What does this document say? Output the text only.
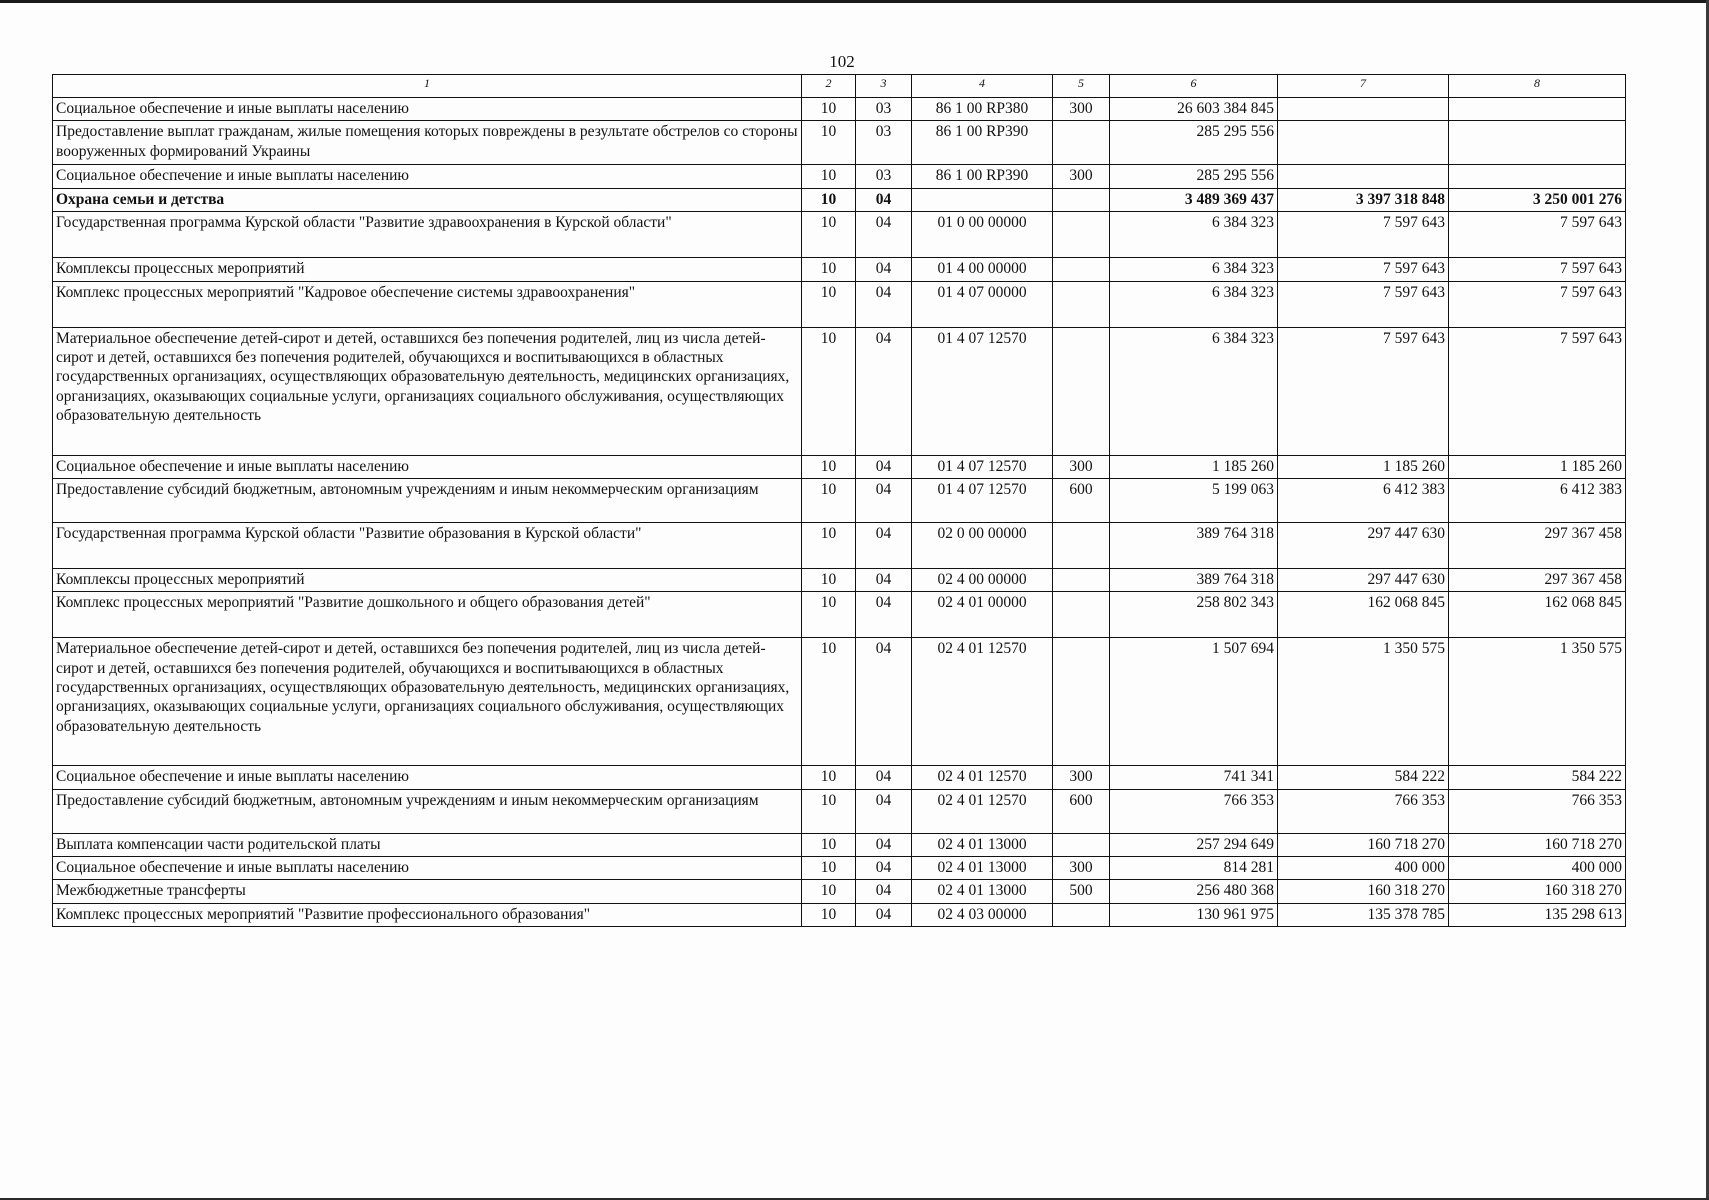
102
1	2	3	4	5	6	7	8
Социальное обеспечение и иные выплаты населению	10	03	86 1 00 RP380	300	26 603 384 845		
Предоставление выплат гражданам, жилые помещения которых повреждены в результате обстрелов со стороны вооруженных формирований Украины	10	03	86 1 00 RP390		285 295 556		
Социальное обеспечение и иные выплаты населению	10	03	86 1 00 RP390	300	285 295 556		
Охрана семьи и детства	10	04			3 489 369 437	3 397 318 848	3 250 001 276
Государственная программа Курской области "Развитие здравоохранения в Курской области"	10	04	01 0 00 00000		6 384 323	7 597 643	7 597 643
Комплексы процессных мероприятий	10	04	01 4 00 00000		6 384 323	7 597 643	7 597 643
Комплекс процессных мероприятий "Кадровое обеспечение системы здравоохранения"	10	04	01 4 07 00000		6 384 323	7 597 643	7 597 643
Материальное обеспечение детей-сирот и детей, оставшихся без попечения родителей, лиц из числа детей-сирот и детей, оставшихся без попечения родителей, обучающихся и воспитывающихся в областных государственных организациях, осуществляющих образовательную деятельность, медицинских организациях, организациях, оказывающих социальные услуги, организациях социального обслуживания, осуществляющих образовательную деятельность	10	04	01 4 07 12570		6 384 323	7 597 643	7 597 643
Социальное обеспечение и иные выплаты населению	10	04	01 4 07 12570	300	1 185 260	1 185 260	1 185 260
Предоставление субсидий бюджетным, автономным учреждениям и иным некоммерческим организациям	10	04	01 4 07 12570	600	5 199 063	6 412 383	6 412 383
Государственная программа Курской области "Развитие образования в Курской области"	10	04	02 0 00 00000		389 764 318	297 447 630	297 367 458
Комплексы процессных мероприятий	10	04	02 4 00 00000		389 764 318	297 447 630	297 367 458
Комплекс процессных мероприятий "Развитие дошкольного и общего образования детей"	10	04	02 4 01 00000		258 802 343	162 068 845	162 068 845
Материальное обеспечение детей-сирот и детей, оставшихся без попечения родителей, лиц из числа детей-сирот и детей, оставшихся без попечения родителей, обучающихся и воспитывающихся в областных государственных организациях, осуществляющих образовательную деятельность, медицинских организациях, организациях, оказывающих социальные услуги, организациях социального обслуживания, осуществляющих образовательную деятельность	10	04	02 4 01 12570		1 507 694	1 350 575	1 350 575
Социальное обеспечение и иные выплаты населению	10	04	02 4 01 12570	300	741 341	584 222	584 222
Предоставление субсидий бюджетным, автономным учреждениям и иным некоммерческим организациям	10	04	02 4 01 12570	600	766 353	766 353	766 353
Выплата компенсации части родительской платы	10	04	02 4 01 13000		257 294 649	160 718 270	160 718 270
Социальное обеспечение и иные выплаты населению	10	04	02 4 01 13000	300	814 281	400 000	400 000
Межбюджетные трансферты	10	04	02 4 01 13000	500	256 480 368	160 318 270	160 318 270
Комплекс процессных мероприятий "Развитие профессионального образования"	10	04	02 4 03 00000		130 961 975	135 378 785	135 298 613
